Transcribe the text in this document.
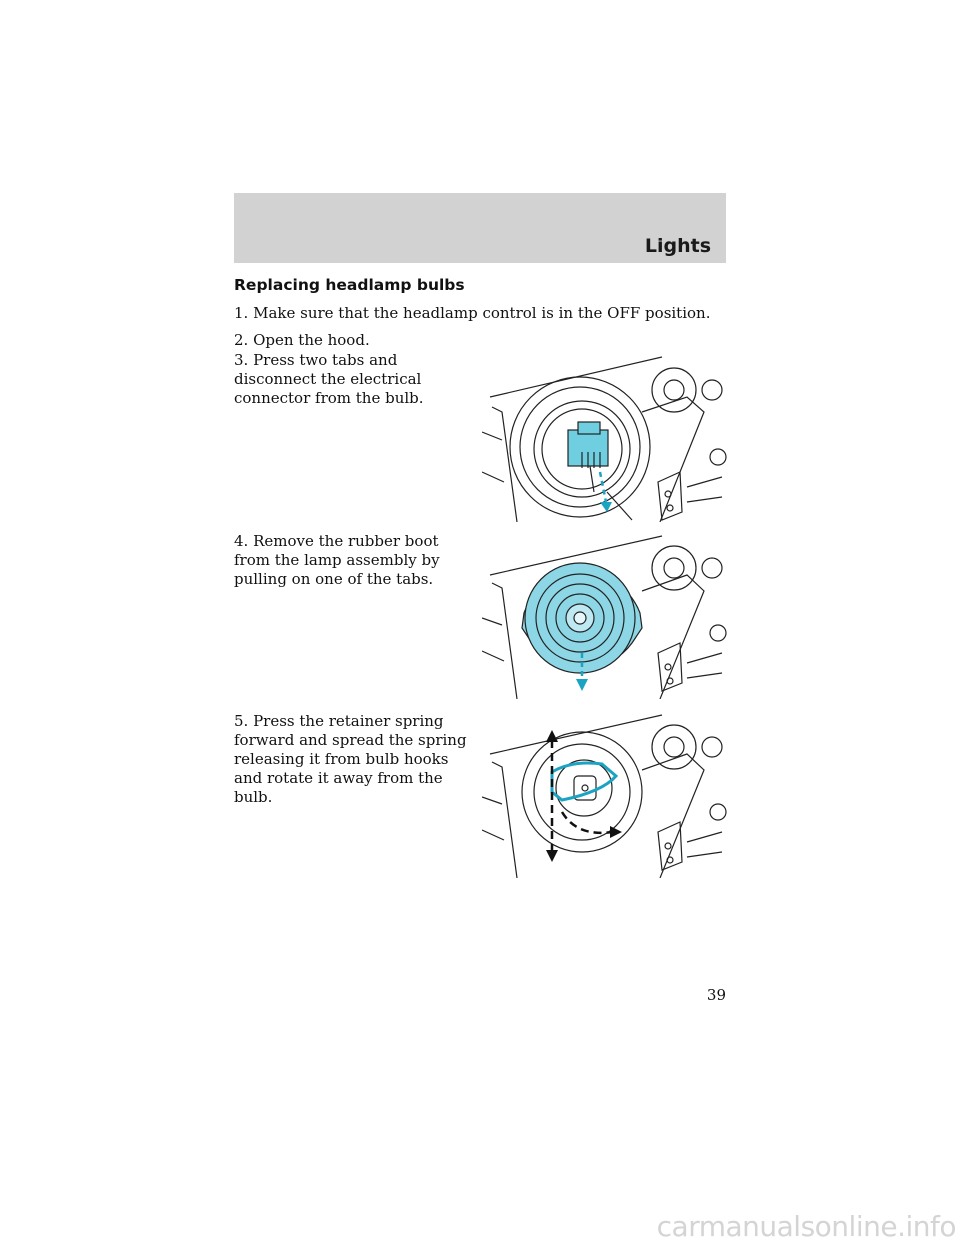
Lights
Replacing headlamp bulbs

1. Make sure that the headlamp control is in the OFF position.

2. Open the hood.

3. Press two tabs and disconnect the electrical connector from the bulb.

4. Remove the rubber boot from the lamp assembly by pulling on one of the tabs.

5. Press the retainer spring forward and spread the spring releasing it from bulb hooks and rotate it away from the bulb.

39
carmanualsonline.info
